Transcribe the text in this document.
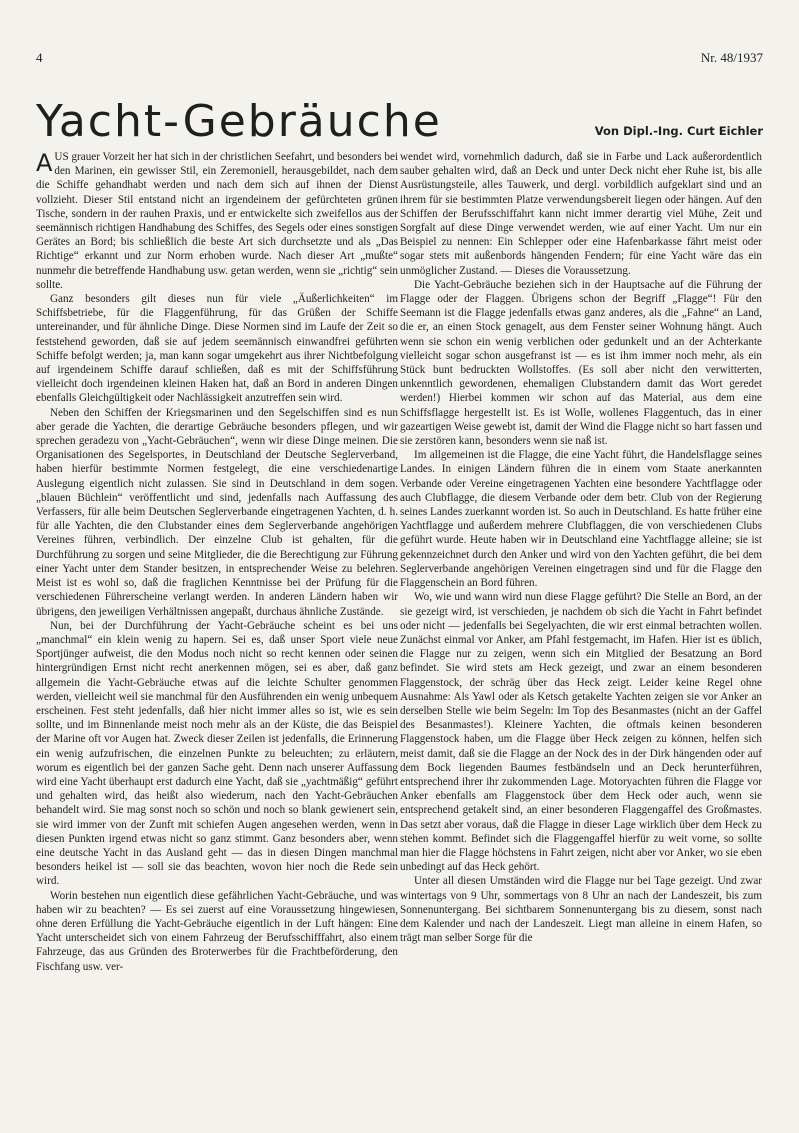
4	Nr. 48/1937
Yacht-Gebräuche	Von Dipl.-Ing. Curt Eichler

AUS grauer Vorzeit her hat sich in der christlichen Seefahrt, und besonders bei den Marinen, ein gewisser Stil, ein Zeremoniell, herausgebildet, nach dem die Schiffe gehandhabt werden und nach dem sich auf ihnen der Dienst vollzieht. Dieser Stil entstand nicht an irgendeinem der gefürchteten grünen Tische, sondern in der rauhen Praxis, und er entwickelte sich zweifellos aus der seemännisch richtigen Handhabung des Schiffes, des Segels oder eines sonstigen Gerätes an Bord; bis schließlich die beste Art sich durchsetzte und als „Das Richtige“ erkannt und zur Norm erhoben wurde. Nach dieser Art „mußte“ nunmehr die betreffende Handhabung usw. getan werden, wenn sie „richtig“ sein sollte.

Ganz besonders gilt dieses nun für viele „Äußerlichkeiten“ im Schiffsbetriebe, für die Flaggenführung, für das Grüßen der Schiffe untereinander, und für ähnliche Dinge. Diese Normen sind im Laufe der Zeit so feststehend geworden, daß sie auf jedem seemännisch einwandfrei geführten Schiffe befolgt werden; ja, man kann sogar umgekehrt aus ihrer Nichtbefolgung auf irgendeinem Schiffe darauf schließen, daß es mit der Schiffsführung vielleicht doch irgendeinen kleinen Haken hat, daß an Bord in anderen Dingen ebenfalls Gleichgültigkeit oder Nachlässigkeit anzutreffen sein wird.

Neben den Schiffen der Kriegsmarinen und den Segelschiffen sind es nun aber gerade die Yachten, die derartige Gebräuche besonders pflegen, und wir sprechen geradezu von „Yacht-Gebräuchen“, wenn wir diese Dinge meinen. Die Organisationen des Segelsportes, in Deutschland der Deutsche Seglerverband, haben hierfür bestimmte Normen festgelegt, die eine verschiedenartige Auslegung eigentlich nicht zulassen. Sie sind in Deutschland in dem sogen. „blauen Büchlein“ veröffentlicht und sind, jedenfalls nach Auffassung des Verfassers, für alle beim Deutschen Seglerverbande eingetragenen Yachten, d. h. für alle Yachten, die den Clubstander eines dem Seglerverbande angehörigen Vereines führen, verbindlich. Der einzelne Club ist gehalten, für die Durchführung zu sorgen und seine Mitglieder, die die Berechtigung zur Führung einer Yacht unter dem Stander besitzen, in entsprechender Weise zu belehren. Meist ist es wohl so, daß die fraglichen Kenntnisse bei der Prüfung für die verschiedenen Führerscheine verlangt werden. In anderen Ländern haben wir übrigens, den jeweiligen Verhältnissen angepaßt, durchaus ähnliche Zustände.

Nun, bei der Durchführung der Yacht-Gebräuche scheint es bei uns „manchmal“ ein klein wenig zu hapern. Sei es, daß unser Sport viele neue Sportjünger aufweist, die den Modus noch nicht so recht kennen oder seinen hintergründigen Ernst nicht recht anerkennen mögen, sei es aber, daß ganz allgemein die Yacht-Gebräuche etwas auf die leichte Schulter genommen werden, vielleicht weil sie manchmal für den Ausführenden ein wenig unbequem erscheinen. Fest steht jedenfalls, daß hier nicht immer alles so ist, wie es sein sollte, und im Binnenlande meist noch mehr als an der Küste, die das Beispiel der Marine oft vor Augen hat. Zweck dieser Zeilen ist jedenfalls, die Erinnerung ein wenig aufzufrischen, die einzelnen Punkte zu beleuchten; zu erläutern, worum es eigentlich bei der ganzen Sache geht. Denn nach unserer Auffassung wird eine Yacht überhaupt erst dadurch eine Yacht, daß sie „yachtmäßig“ geführt und gehalten wird, das heißt also wiederum, nach den Yacht-Gebräuchen behandelt wird. Sie mag sonst noch so schön und noch so blank gewienert sein, sie wird immer von der Zunft mit schiefen Augen angesehen werden, wenn in diesen Punkten irgend etwas nicht so ganz stimmt. Ganz besonders aber, wenn eine deutsche Yacht in das Ausland geht — das in diesen Dingen manchmal besonders heikel ist — soll sie das beachten, wovon hier noch die Rede sein wird.

Worin bestehen nun eigentlich diese gefährlichen Yacht-Gebräuche, und was haben wir zu beachten? — Es sei zuerst auf eine Voraussetzung hingewiesen, ohne deren Erfüllung die Yacht-Gebräuche eigentlich in der Luft hängen: Eine Yacht unterscheidet sich von einem Fahrzeug der Berufsschifffahrt, also einem Fahrzeuge, das aus Gründen des Broterwerbes für die Frachtbeförderung, den Fischfang usw. ver-

wendet wird, vornehmlich dadurch, daß sie in Farbe und Lack außerordentlich sauber gehalten wird, daß an Deck und unter Deck nicht eher Ruhe ist, bis alle Ausrüstungsteile, alles Tauwerk, und dergl. vorbildlich aufgeklart sind und an ihrem für sie bestimmten Platze verwendungsbereit liegen oder hängen. Auf den Schiffen der Berufsschiffahrt kann nicht immer derartig viel Mühe, Zeit und Sorgfalt auf diese Dinge verwendet werden, wie auf einer Yacht. Um nur ein Beispiel zu nennen: Ein Schlepper oder eine Hafenbarkasse fährt meist oder sogar stets mit außenbords hängenden Fendern; für eine Yacht wäre das ein unmöglicher Zustand. — Dieses die Voraussetzung.

Die Yacht-Gebräuche beziehen sich in der Hauptsache auf die Führung der Flagge oder der Flaggen. Übrigens schon der Begriff „Flagge“! Für den Seemann ist die Flagge jedenfalls etwas ganz anderes, als die „Fahne“ an Land, die er, an einen Stock genagelt, aus dem Fenster seiner Wohnung hängt. Auch wenn sie schon ein wenig verblichen oder gedunkelt und an der Achterkante vielleicht sogar schon ausgefranst ist — es ist ihm immer noch mehr, als ein Stück bunt bedruckten Wollstoffes. (Es soll aber nicht den verwitterten, unkenntlich gewordenen, ehemaligen Clubstandern damit das Wort geredet werden!) Hierbei kommen wir schon auf das Material, aus dem eine Schiffsflagge hergestellt ist. Es ist Wolle, wollenes Flaggentuch, das in einer gazeartigen Weise gewebt ist, damit der Wind die Flagge nicht so hart fassen und sie zerstören kann, besonders wenn sie naß ist.

Im allgemeinen ist die Flagge, die eine Yacht führt, die Handelsflagge seines Landes. In einigen Ländern führen die in einem vom Staate anerkannten Verbande oder Vereine eingetragenen Yachten eine besondere Yachtflagge oder auch Clubflagge, die diesem Verbande oder dem betr. Club von der Regierung seines Landes zuerkannt worden ist. So auch in Deutschland. Es hatte früher eine Yachtflagge und außerdem mehrere Clubflaggen, die von verschiedenen Clubs geführt wurde. Heute haben wir in Deutschland eine Yachtflagge alleine; sie ist gekennzeichnet durch den Anker und wird von den Yachten geführt, die bei dem Seglerverbande angehörigen Vereinen eingetragen sind und für die Flagge den Flaggenschein an Bord führen.

Wo, wie und wann wird nun diese Flagge geführt? Die Stelle an Bord, an der sie gezeigt wird, ist verschieden, je nachdem ob sich die Yacht in Fahrt befindet oder nicht — jedenfalls bei Segelyachten, die wir erst einmal betrachten wollen. Zunächst einmal vor Anker, am Pfahl festgemacht, im Hafen. Hier ist es üblich, die Flagge nur zu zeigen, wenn sich ein Mitglied der Besatzung an Bord befindet. Sie wird stets am Heck gezeigt, und zwar an einem besonderen Flaggenstock, der schräg über das Heck zeigt. Leider keine Regel ohne Ausnahme: Als Yawl oder als Ketsch getakelte Yachten zeigen sie vor Anker an derselben Stelle wie beim Segeln: Im Top des Besanmastes (nicht an der Gaffel des Besanmastes!). Kleinere Yachten, die oftmals keinen besonderen Flaggenstock haben, um die Flagge über Heck zeigen zu können, helfen sich meist damit, daß sie die Flagge an der Nock des in der Dirk hängenden oder auf dem Bock liegenden Baumes festbändseln und an Deck herunterführen, entsprechend ihrer ihr zukommenden Lage. Motoryachten führen die Flagge vor Anker ebenfalls am Flaggenstock über dem Heck oder auch, wenn sie entsprechend getakelt sind, an einer besonderen Flaggengaffel des Großmastes. Das setzt aber voraus, daß die Flagge in dieser Lage wirklich über dem Heck zu stehen kommt. Befindet sich die Flaggengaffel hierfür zu weit vorne, so sollte man hier die Flagge höchstens in Fahrt zeigen, nicht aber vor Anker, wo sie eben unbedingt auf das Heck gehört.

Unter all diesen Umständen wird die Flagge nur bei Tage gezeigt. Und zwar wintertags von 9 Uhr, sommertags von 8 Uhr an nach der Landeszeit, bis zum Sonnenuntergang. Bei sichtbarem Sonnenuntergang bis zu diesem, sonst nach dem Kalender und nach der Landeszeit. Liegt man alleine in einem Hafen, so trägt man selber Sorge für die
